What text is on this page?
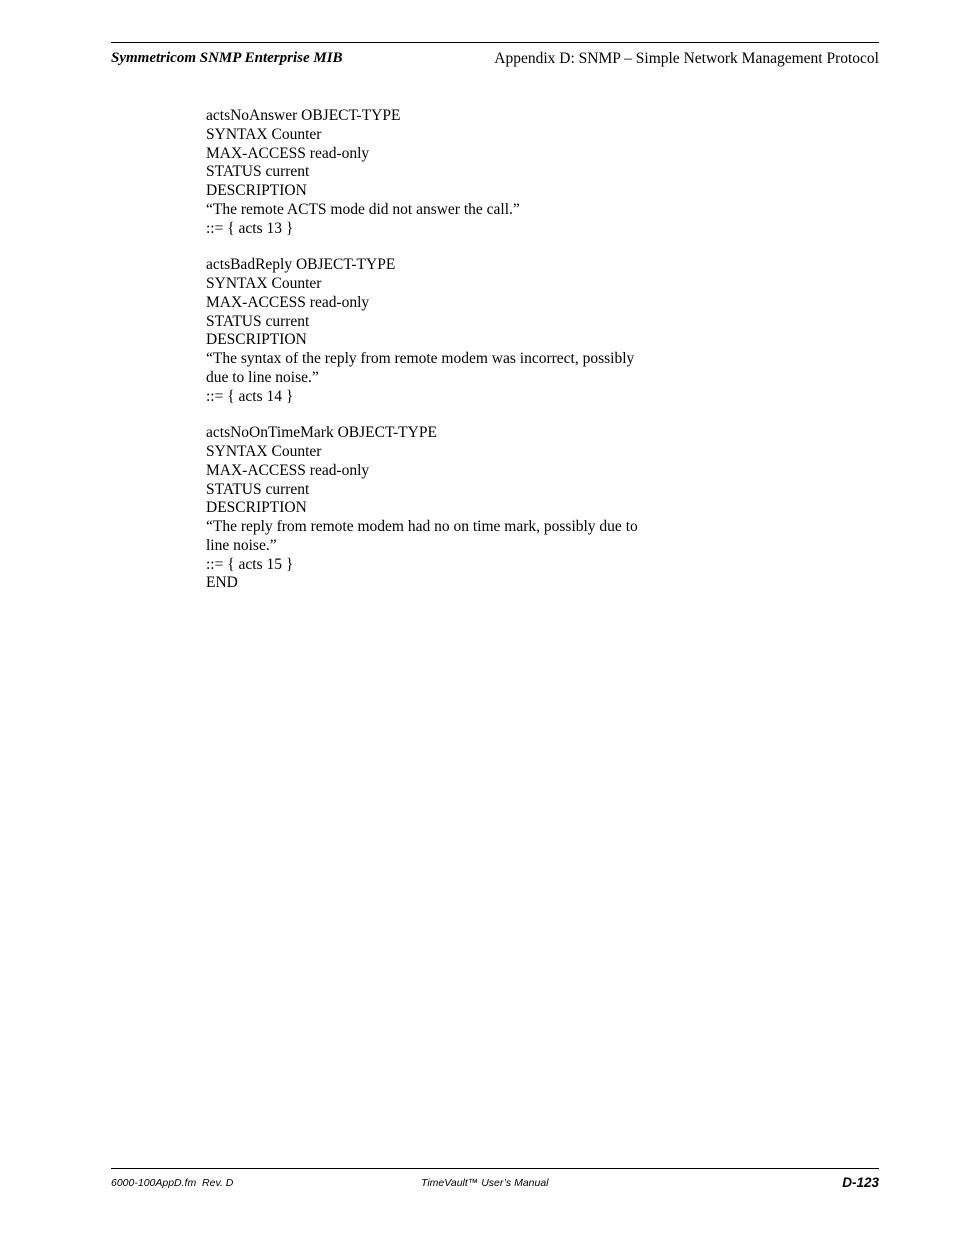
Symmetricom SNMP Enterprise MIB	Appendix D: SNMP – Simple Network Management Protocol
actsNoAnswer OBJECT-TYPE
SYNTAX Counter
MAX-ACCESS read-only
STATUS current
DESCRIPTION
“The remote ACTS mode did not answer the call.”
::= { acts 13 }
actsBadReply OBJECT-TYPE
SYNTAX Counter
MAX-ACCESS read-only
STATUS current
DESCRIPTION
“The syntax of the reply from remote modem was incorrect, possibly
due to line noise.”
::= { acts 14 }
actsNoOnTimeMark OBJECT-TYPE
SYNTAX Counter
MAX-ACCESS read-only
STATUS current
DESCRIPTION
“The reply from remote modem had no on time mark, possibly due to
line noise.”
::= { acts 15 }
END
6000-100AppD.fm  Rev. D	TimeVault™ User’s Manual	D-123
